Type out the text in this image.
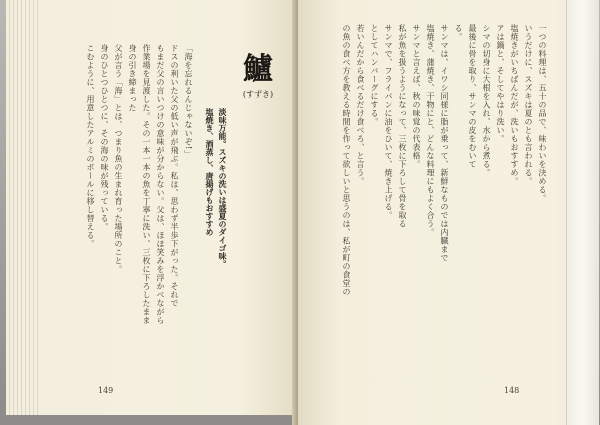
鱸
(すずき)
淡味万能。スズキの洗いは盛夏のダイゴ味。
塩焼き、酒蒸し、唐揚げもおすすめ
「海を忘れるんじゃないぞ!」
ドスの利いた父の低い声が飛ぶ。私は、思わず半歩下がった。それで
もまだ父の言いつけの意味が分からない。父は、ほほ笑みを浮かべながら
作業場を見渡した。その一本一本の魚を丁寧に洗い、三枚に下ろしたまま
身の引き締まった
父が言う「海」とは、つまり魚の生まれ育った場所のこと。
身のひとつひとつに、その海の味が残っている。
こむように、用意したアルミのボールに移し替える。
149
一つの料理は、五十の品で、味わいを決める。
いうだけに、スズキは夏のとも言われる。
塩焼きがいちばんだが、洗いもおすすめ。
アは鍋と、そしてやはり洗い。
シマの切身に大根を入れ、水から煮る。
最後に骨を取り、サンマの皮をむいて
る。
サンマは、イワシ同様に脂が乗って、新鮮なものでは内臓まで
塩焼き、蒲焼き、干物にと、どんな料理にもよく合う。
サンマと言えば、秋の味覚の代表格。
私が魚を扱うようになって、三枚に下ろして骨を取る
サンマで、フライパンに油をひいて、焼き上げる。
としてハンバーグにする。
若いんだから食べるだけ食べろ、と言う。
の魚の食べ方を教える時間を作って欲しいと思うのは、私が町の食堂の
148
